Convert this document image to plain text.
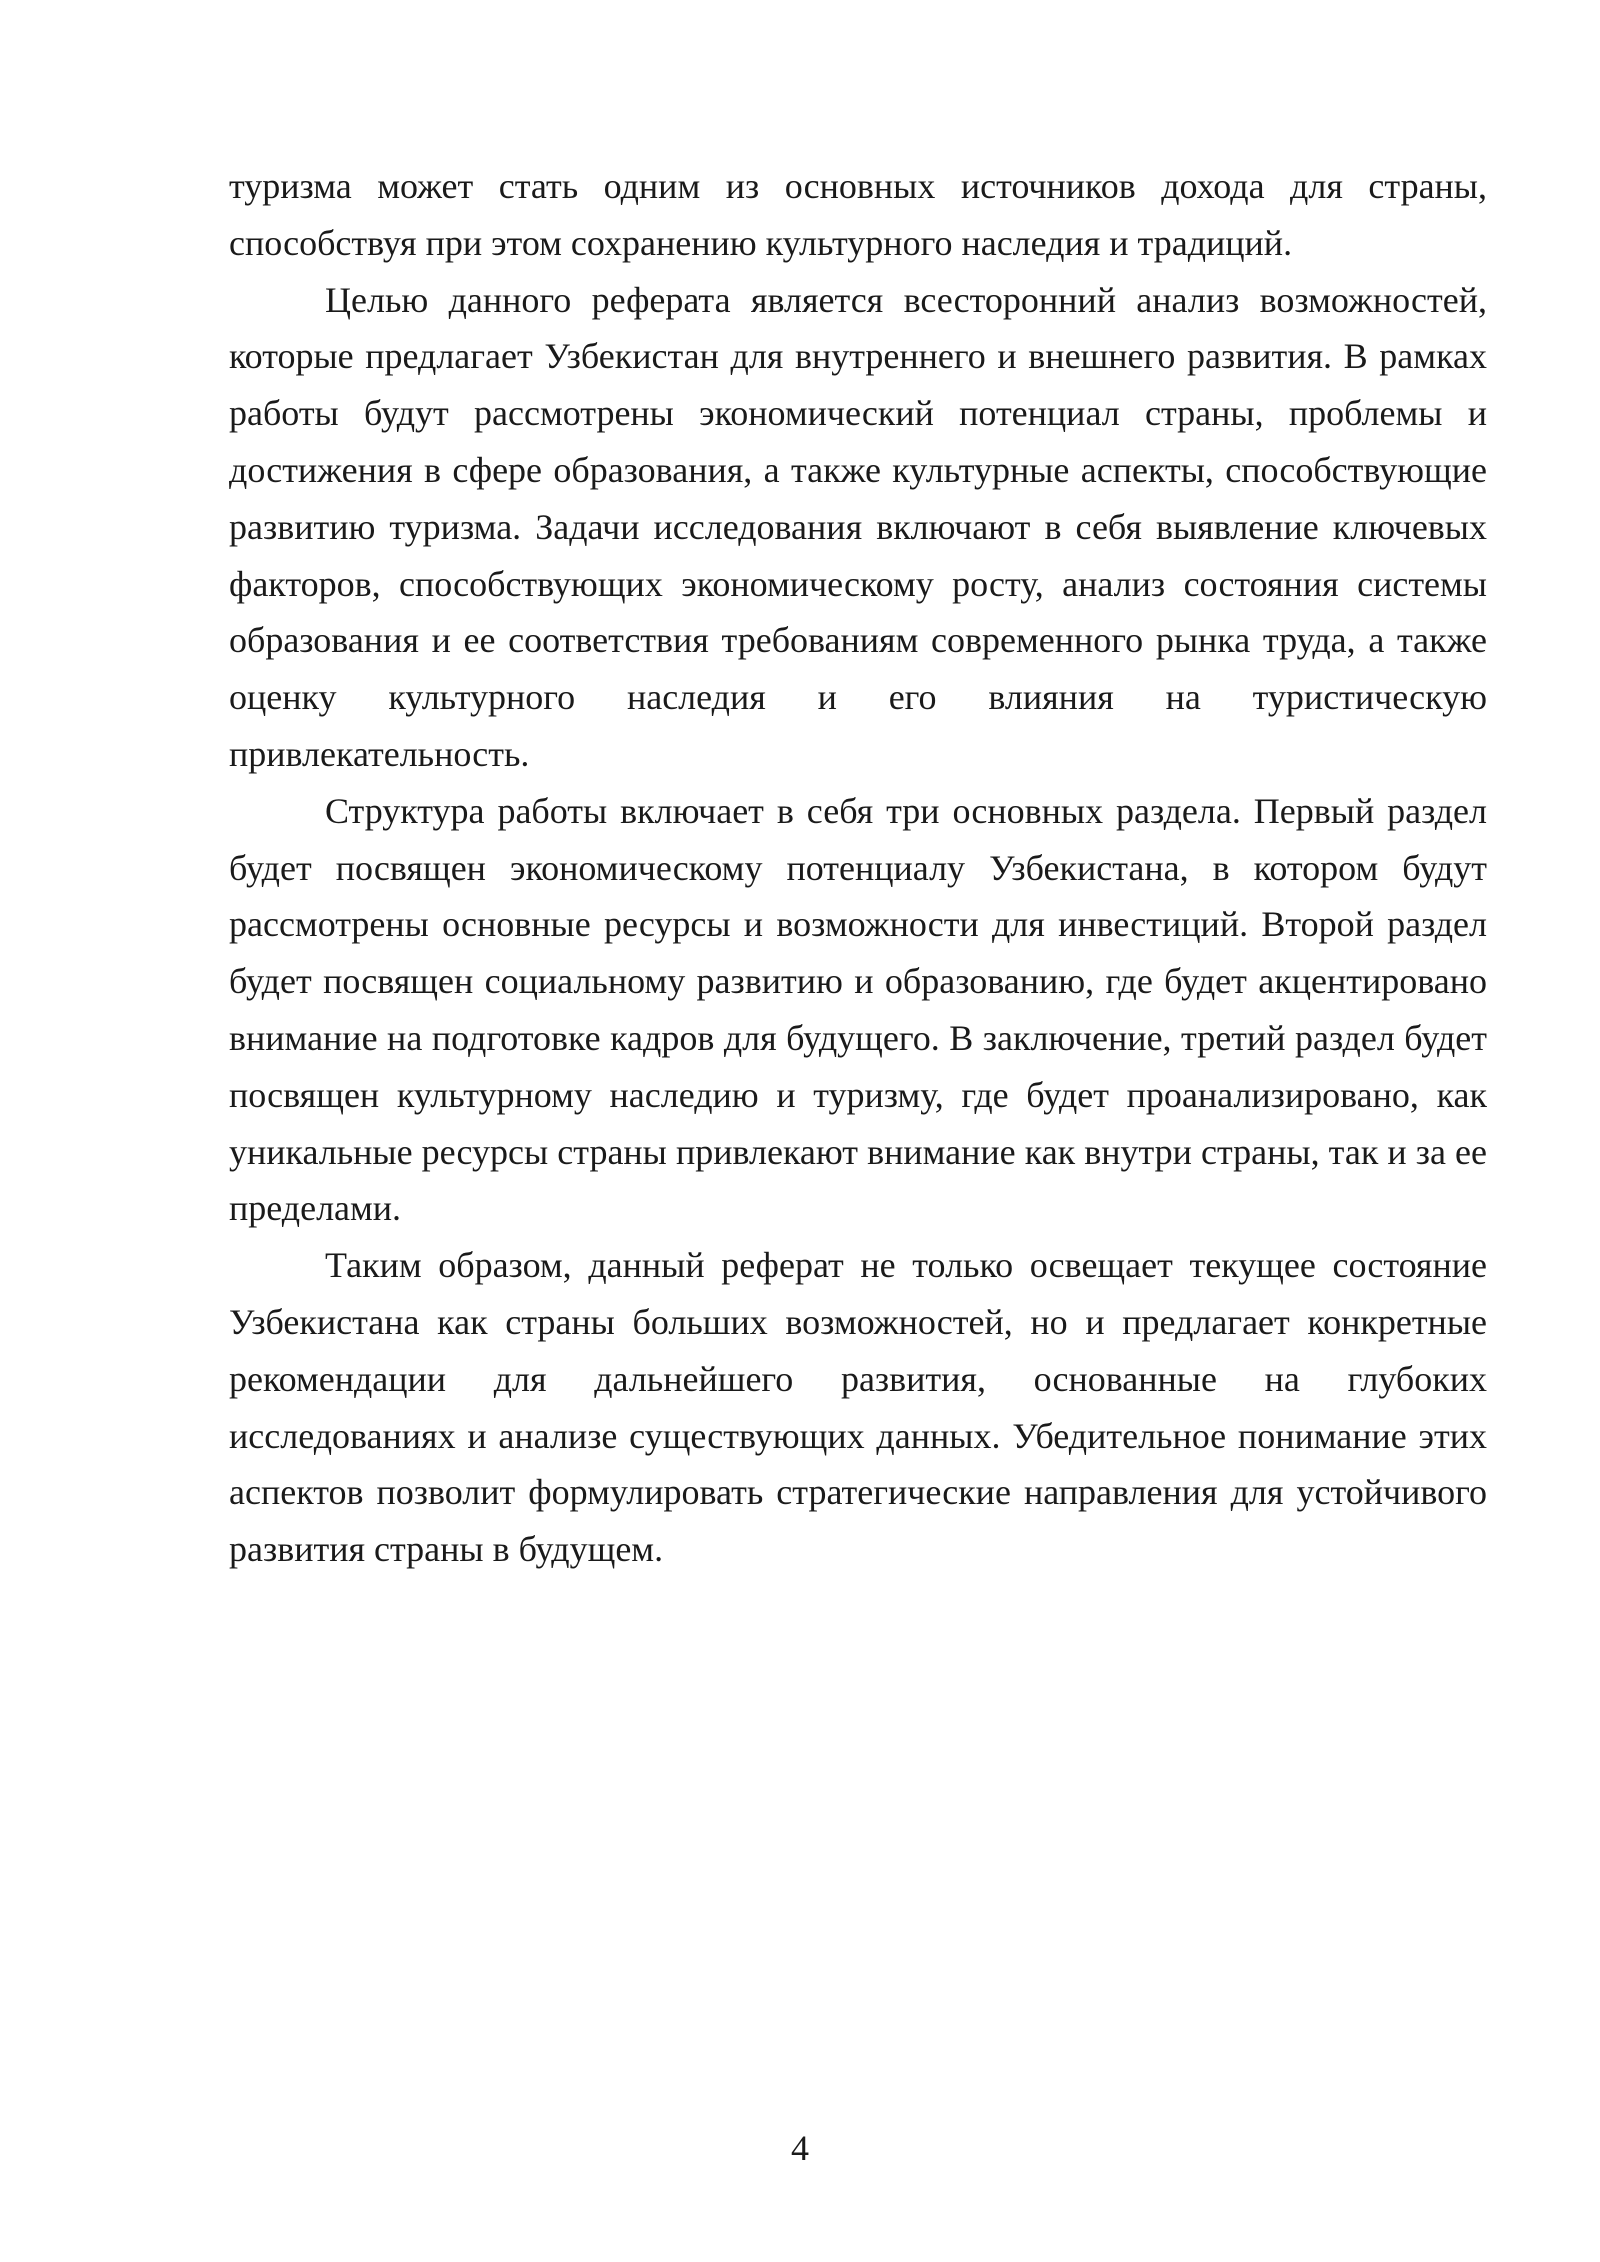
туризма может стать одним из основных источников дохода для страны, способствуя при этом сохранению культурного наследия и традиций.

Целью данного реферата является всесторонний анализ возможностей, которые предлагает Узбекистан для внутреннего и внешнего развития. В рамках работы будут рассмотрены экономический потенциал страны, проблемы и достижения в сфере образования, а также культурные аспекты, способствующие развитию туризма. Задачи исследования включают в себя выявление ключевых факторов, способствующих экономическому росту, анализ состояния системы образования и ее соответствия требованиям современного рынка труда, а также оценку культурного наследия и его влияния на туристическую привлекательность.

Структура работы включает в себя три основных раздела. Первый раздел будет посвящен экономическому потенциалу Узбекистана, в котором будут рассмотрены основные ресурсы и возможности для инвестиций. Второй раздел будет посвящен социальному развитию и образованию, где будет акцентировано внимание на подготовке кадров для будущего. В заключение, третий раздел будет посвящен культурному наследию и туризму, где будет проанализировано, как уникальные ресурсы страны привлекают внимание как внутри страны, так и за ее пределами.

Таким образом, данный реферат не только освещает текущее состояние Узбекистана как страны больших возможностей, но и предлагает конкретные рекомендации для дальнейшего развития, основанные на глубоких исследованиях и анализе существующих данных. Убедительное понимание этих аспектов позволит формулировать стратегические направления для устойчивого развития страны в будущем.

4
